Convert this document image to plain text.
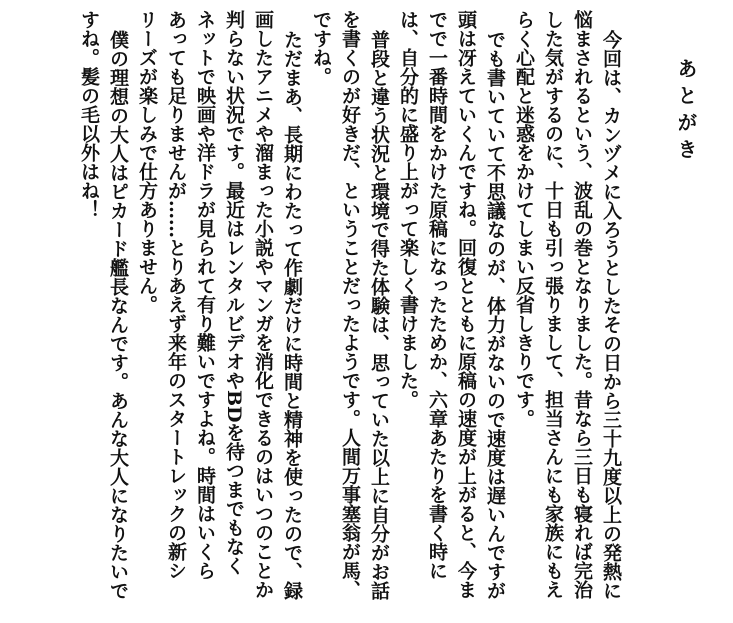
あとがき
今回は、カンヅメに入ろうとしたその日から三十九度以上の発熱に
悩まされるという、波乱の巻となりました。昔なら三日も寝れば完治
した気がするのに、十日も引っ張りまして、担当さんにも家族にもえ
らく心配と迷惑をかけてしまい反省しきりです。
でも書いていて不思議なのが、体力がないので速度は遅いんですが
頭は冴えていくんですね。回復とともに原稿の速度が上がると、今ま
でで一番時間をかけた原稿になったためか、六章あたりを書く時に
は、自分的に盛り上がって楽しく書けました。
普段と違う状況と環境で得た体験は、思っていた以上に自分がお話
を書くのが好きだ、ということだったようです。人間万事塞翁が馬、
ですね。
ただまあ、長期にわたって作劇だけに時間と精神を使ったので、録
画したアニメや溜まった小説やマンガを消化できるのはいつのことか
判らない状況です。最近はレンタルビデオやBDを待つまでもなく
ネットで映画や洋ドラが見られて有り難いですよね。時間はいくら
あっても足りませんが……とりあえず来年のスタートレックの新シ
リーズが楽しみで仕方ありません。
僕の理想の大人はピカード艦長なんです。あんな大人になりたいで
すね。髪の毛以外はね！
